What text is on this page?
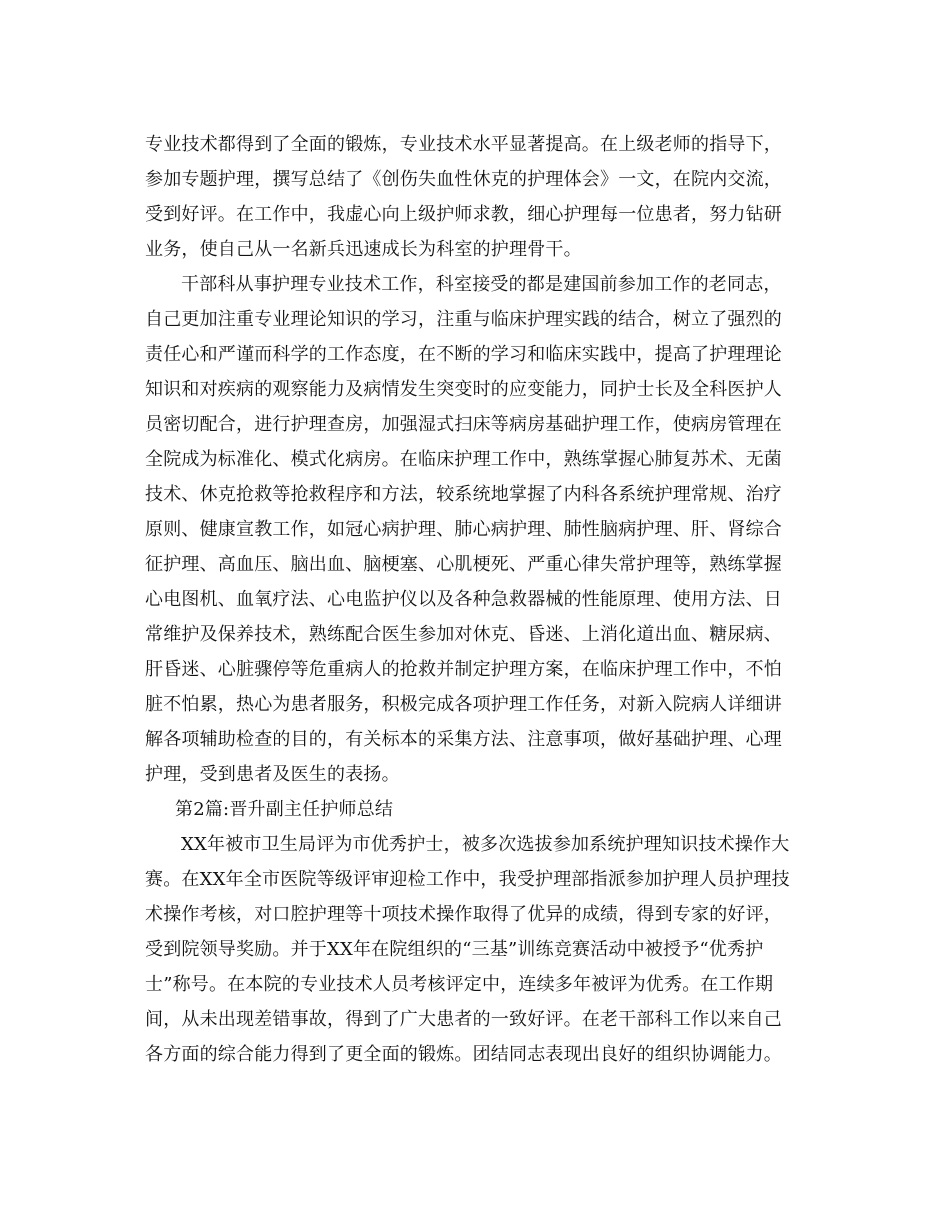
专业技术都得到了全面的锻炼，专业技术水平显著提高。在上级老师的指导下，
参加专题护理，撰写总结了《创伤失血性休克的护理体会》一文，在院内交流，
受到好评。在工作中，我虚心向上级护师求教，细心护理每一位患者，努力钻研
业务，使自己从一名新兵迅速成长为科室的护理骨干。
干部科从事护理专业技术工作，科室接受的都是建国前参加工作的老同志，
自己更加注重专业理论知识的学习，注重与临床护理实践的结合，树立了强烈的
责任心和严谨而科学的工作态度，在不断的学习和临床实践中，提高了护理理论
知识和对疾病的观察能力及病情发生突变时的应变能力，同护士长及全科医护人
员密切配合，进行护理查房，加强湿式扫床等病房基础护理工作，使病房管理在
全院成为标准化、模式化病房。在临床护理工作中，熟练掌握心肺复苏术、无菌
技术、休克抢救等抢救程序和方法，较系统地掌握了内科各系统护理常规、治疗
原则、健康宣教工作，如冠心病护理、肺心病护理、肺性脑病护理、肝、肾综合
征护理、高血压、脑出血、脑梗塞、心肌梗死、严重心律失常护理等，熟练掌握
心电图机、血氧疗法、心电监护仪以及各种急救器械的性能原理、使用方法、日
常维护及保养技术，熟练配合医生参加对休克、昏迷、上消化道出血、糖尿病、
肝昏迷、心脏骤停等危重病人的抢救并制定护理方案，在临床护理工作中，不怕
脏不怕累，热心为患者服务，积极完成各项护理工作任务，对新入院病人详细讲
解各项辅助检查的目的，有关标本的采集方法、注意事项，做好基础护理、心理
护理，受到患者及医生的表扬。
第2篇:晋升副主任护师总结
XX年被市卫生局评为市优秀护士，被多次选拔参加系统护理知识技术操作大
赛。在XX年全市医院等级评审迎检工作中，我受护理部指派参加护理人员护理技
术操作考核，对口腔护理等十项技术操作取得了优异的成绩，得到专家的好评，
受到院领导奖励。并于XX年在院组织的“三基”训练竞赛活动中被授予“优秀护
士”称号。在本院的专业技术人员考核评定中，连续多年被评为优秀。在工作期
间，从未出现差错事故，得到了广大患者的一致好评。在老干部科工作以来自己
各方面的综合能力得到了更全面的锻炼。团结同志表现出良好的组织协调能力。
